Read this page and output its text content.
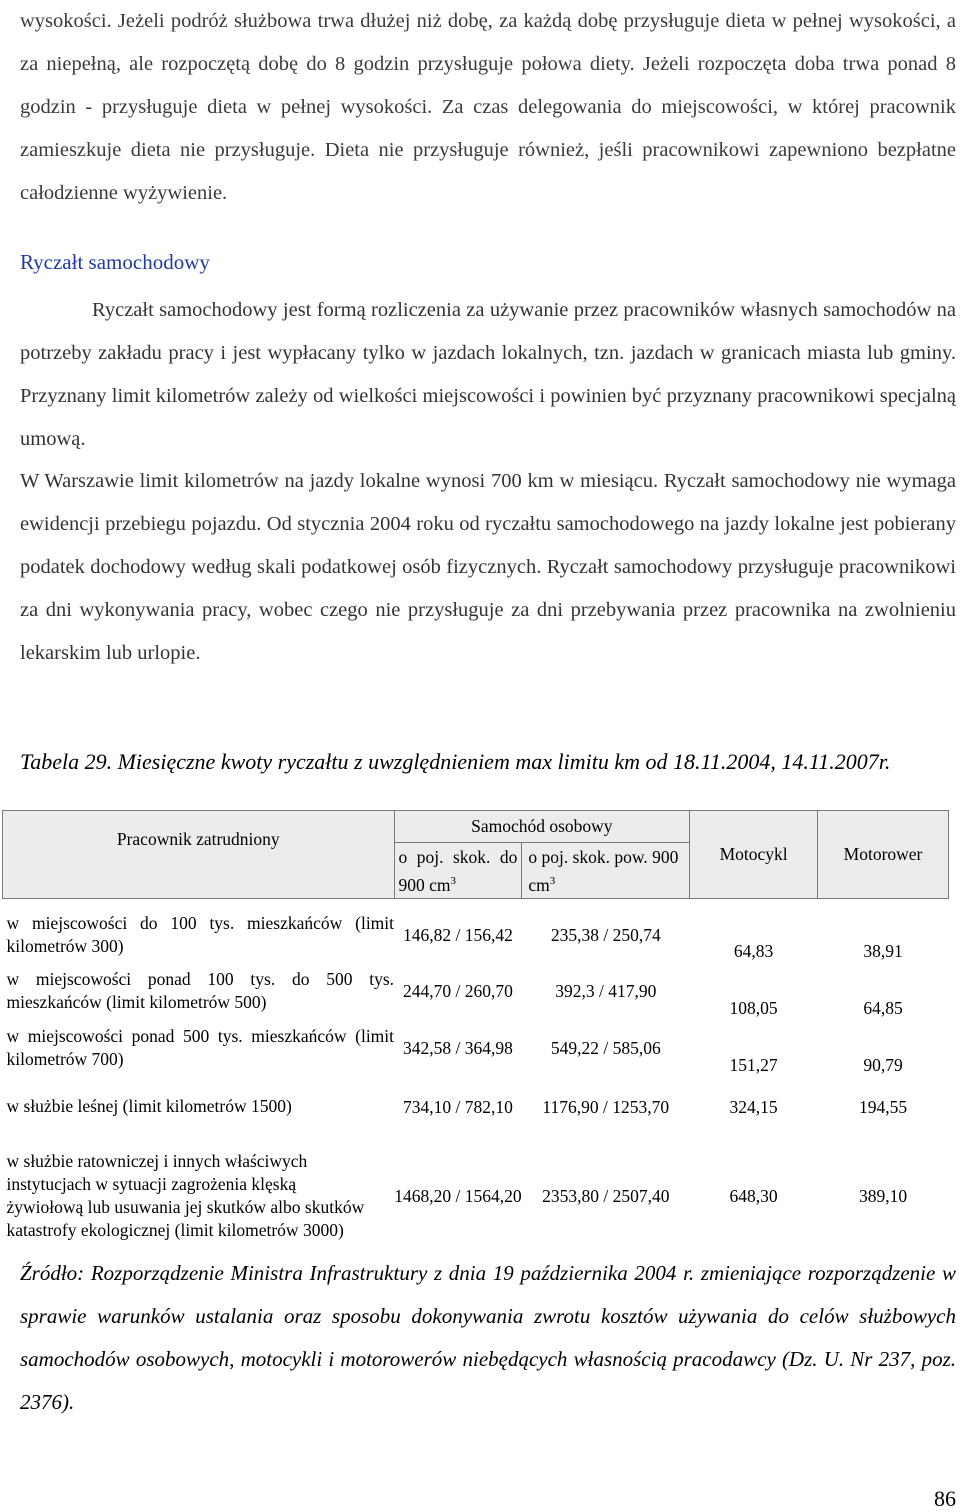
wysokości. Jeżeli podróż służbowa trwa dłużej niż dobę, za każdą dobę przysługuje dieta w pełnej wysokości, a za niepełną, ale rozpoczętą dobę do 8 godzin przysługuje połowa diety. Jeżeli rozpoczęta doba trwa ponad 8 godzin - przysługuje dieta w pełnej wysokości. Za czas delegowania do miejscowości, w której pracownik zamieszkuje dieta nie przysługuje. Dieta nie przysługuje również, jeśli pracownikowi zapewniono bezpłatne całodzienne wyżywienie.

Ryczałt samochodowy

Ryczałt samochodowy jest formą rozliczenia za używanie przez pracowników własnych samochodów na potrzeby zakładu pracy i jest wypłacany tylko w jazdach lokalnych, tzn. jazdach w granicach miasta lub gminy. Przyznany limit kilometrów zależy od wielkości miejscowości i powinien być przyznany pracownikowi specjalną umową.

W Warszawie limit kilometrów na jazdy lokalne wynosi 700 km w miesiącu. Ryczałt samochodowy nie wymaga ewidencji przebiegu pojazdu. Od stycznia 2004 roku od ryczałtu samochodowego na jazdy lokalne jest pobierany podatek dochodowy według skali podatkowej osób fizycznych. Ryczałt samochodowy przysługuje pracownikowi za dni wykonywania pracy, wobec czego nie przysługuje za dni przebywania przez pracownika na zwolnieniu lekarskim lub urlopie.

Tabela 29. Miesięczne kwoty ryczałtu z uwzględnieniem max limitu km od 18.11.2004, 14.11.2007r.

Pracownik zatrudniony	Samochód osobowy		Motocykl	Motorower
	o poj. skok. do 900 $cm^3$	o poj. skok. pow. 900 $cm^3$

w miejscowości do 100 tys. mieszkańców (limit kilometrów 300)	146,82 / 156,42	235,38 / 250,74	64,83	38,91
w miejscowości ponad 100 tys. do 500 tys. mieszkańców (limit kilometrów 500)	244,70 / 260,70	392,3 / 417,90	108,05	64,85
w miejscowości ponad 500 tys. mieszkańców (limit kilometrów 700)	342,58 / 364,98	549,22 / 585,06	151,27	90,79
w służbie leśnej (limit kilometrów 1500)	734,10 / 782,10	1176,90 / 1253,70	324,15	194,55
w służbie ratowniczej i innych właściwych instytucjach w sytuacji zagrożenia klęską żywiołową lub usuwania jej skutków albo skutków katastrofy ekologicznej (limit kilometrów 3000)	1468,20 / 1564,20	2353,80 / 2507,40	648,30	389,10

Źródło: Rozporządzenie Ministra Infrastruktury z dnia 19 października 2004 r. zmieniające rozporządzenie w sprawie warunków ustalania oraz sposobu dokonywania zwrotu kosztów używania do celów służbowych samochodów osobowych, motocykli i motorowerów niebędących własnością pracodawcy (Dz. U. Nr 237, poz. 2376).

86
